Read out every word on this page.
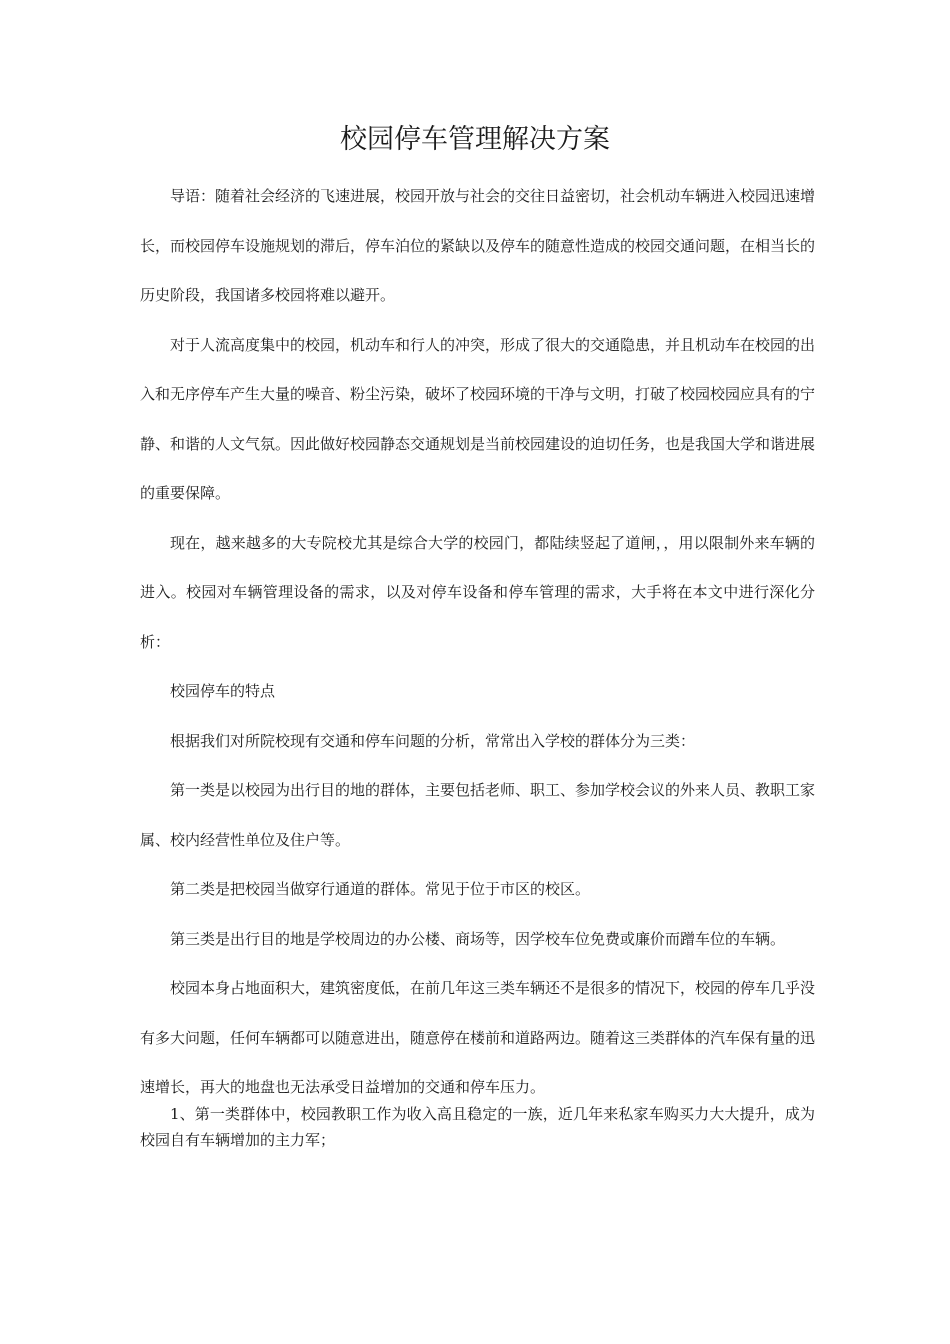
校园停车管理解决方案

导语：随着社会经济的飞速进展，校园开放与社会的交往日益密切，社会机动车辆进入校园迅速增长，而校园停车设施规划的滞后，停车泊位的紧缺以及停车的随意性造成的校园交通问题，在相当长的历史阶段，我国诸多校园将难以避开。

对于人流高度集中的校园，机动车和行人的冲突，形成了很大的交通隐患，并且机动车在校园的出入和无序停车产生大量的噪音、粉尘污染，破坏了校园环境的干净与文明，打破了校园校园应具有的宁静、和谐的人文气氛。因此做好校园静态交通规划是当前校园建设的迫切任务，也是我国大学和谐进展的重要保障。

现在，越来越多的大专院校尤其是综合大学的校园门，都陆续竖起了道闸，，用以限制外来车辆的进入。校园对车辆管理设备的需求，以及对停车设备和停车管理的需求，大手将在本文中进行深化分析：

校园停车的特点

根据我们对所院校现有交通和停车问题的分析，常常出入学校的群体分为三类：

第一类是以校园为出行目的地的群体，主要包括老师、职工、参加学校会议的外来人员、教职工家属、校内经营性单位及住户等。

第二类是把校园当做穿行通道的群体。常见于位于市区的校区。

第三类是出行目的地是学校周边的办公楼、商场等，因学校车位免费或廉价而蹭车位的车辆。

校园本身占地面积大，建筑密度低，在前几年这三类车辆还不是很多的情况下，校园的停车几乎没有多大问题，任何车辆都可以随意进出，随意停在楼前和道路两边。随着这三类群体的汽车保有量的迅速增长，再大的地盘也无法承受日益增加的交通和停车压力。

1、第一类群体中，校园教职工作为收入高且稳定的一族，近几年来私家车购买力大大提升，成为校园自有车辆增加的主力军；
